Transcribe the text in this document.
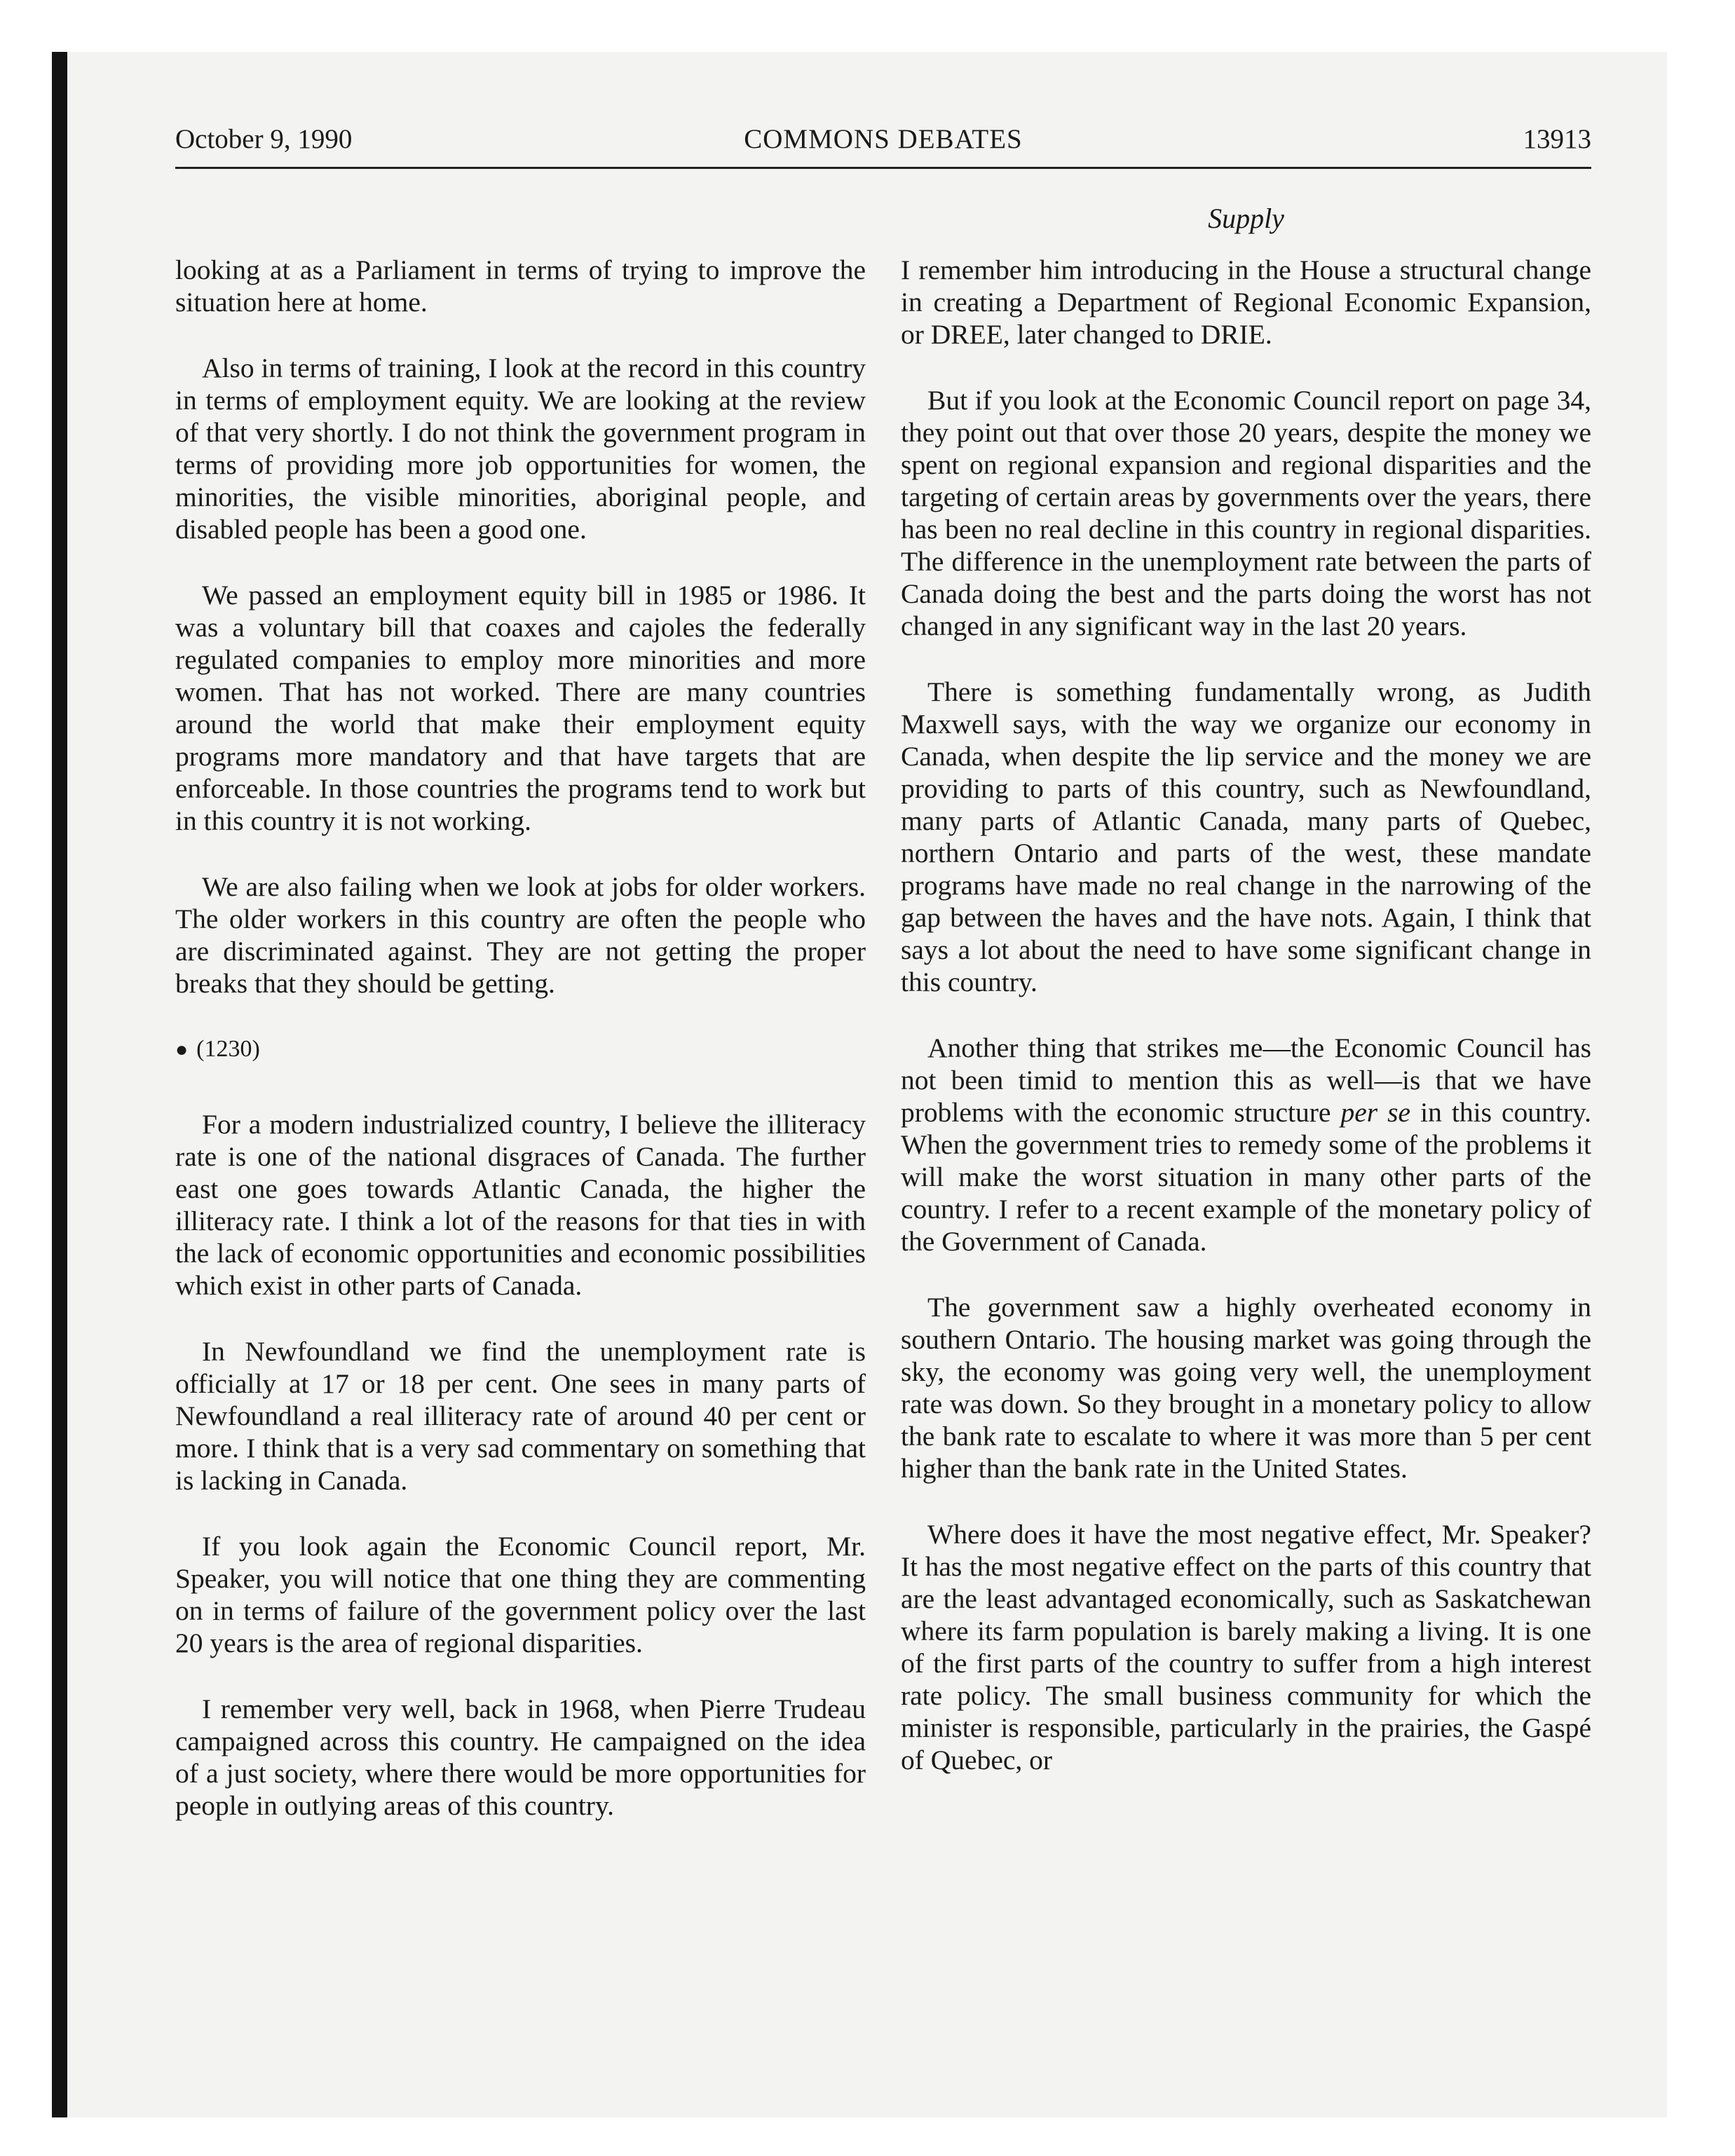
October 9, 1990	COMMONS DEBATES	13913
Supply

looking at as a Parliament in terms of trying to improve the situation here at home.

Also in terms of training, I look at the record in this country in terms of employment equity. We are looking at the review of that very shortly. I do not think the government program in terms of providing more job opportunities for women, the minorities, the visible minorities, aboriginal people, and disabled people has been a good one.

We passed an employment equity bill in 1985 or 1986. It was a voluntary bill that coaxes and cajoles the federally regulated companies to employ more minorities and more women. That has not worked. There are many countries around the world that make their employment equity programs more mandatory and that have targets that are enforceable. In those countries the programs tend to work but in this country it is not working.

We are also failing when we look at jobs for older workers. The older workers in this country are often the people who are discriminated against. They are not getting the proper breaks that they should be getting.

● (1230)

For a modern industrialized country, I believe the illiteracy rate is one of the national disgraces of Canada. The further east one goes towards Atlantic Canada, the higher the illiteracy rate. I think a lot of the reasons for that ties in with the lack of economic opportunities and economic possibilities which exist in other parts of Canada.

In Newfoundland we find the unemployment rate is officially at 17 or 18 per cent. One sees in many parts of Newfoundland a real illiteracy rate of around 40 per cent or more. I think that is a very sad commentary on something that is lacking in Canada.

If you look again the Economic Council report, Mr. Speaker, you will notice that one thing they are commenting on in terms of failure of the government policy over the last 20 years is the area of regional disparities.

I remember very well, back in 1968, when Pierre Trudeau campaigned across this country. He campaigned on the idea of a just society, where there would be more opportunities for people in outlying areas of this country.

I remember him introducing in the House a structural change in creating a Department of Regional Economic Expansion, or DREE, later changed to DRIE.

But if you look at the Economic Council report on page 34, they point out that over those 20 years, despite the money we spent on regional expansion and regional disparities and the targeting of certain areas by governments over the years, there has been no real decline in this country in regional disparities. The difference in the unemployment rate between the parts of Canada doing the best and the parts doing the worst has not changed in any significant way in the last 20 years.

There is something fundamentally wrong, as Judith Maxwell says, with the way we organize our economy in Canada, when despite the lip service and the money we are providing to parts of this country, such as Newfoundland, many parts of Atlantic Canada, many parts of Quebec, northern Ontario and parts of the west, these mandate programs have made no real change in the narrowing of the gap between the haves and the have nots. Again, I think that says a lot about the need to have some significant change in this country.

Another thing that strikes me—the Economic Council has not been timid to mention this as well—is that we have problems with the economic structure per se in this country. When the government tries to remedy some of the problems it will make the worst situation in many other parts of the country. I refer to a recent example of the monetary policy of the Government of Canada.

The government saw a highly overheated economy in southern Ontario. The housing market was going through the sky, the economy was going very well, the unemployment rate was down. So they brought in a monetary policy to allow the bank rate to escalate to where it was more than 5 per cent higher than the bank rate in the United States.

Where does it have the most negative effect, Mr. Speaker? It has the most negative effect on the parts of this country that are the least advantaged economically, such as Saskatchewan where its farm population is barely making a living. It is one of the first parts of the country to suffer from a high interest rate policy. The small business community for which the minister is responsible, particularly in the prairies, the Gaspé of Quebec, or
